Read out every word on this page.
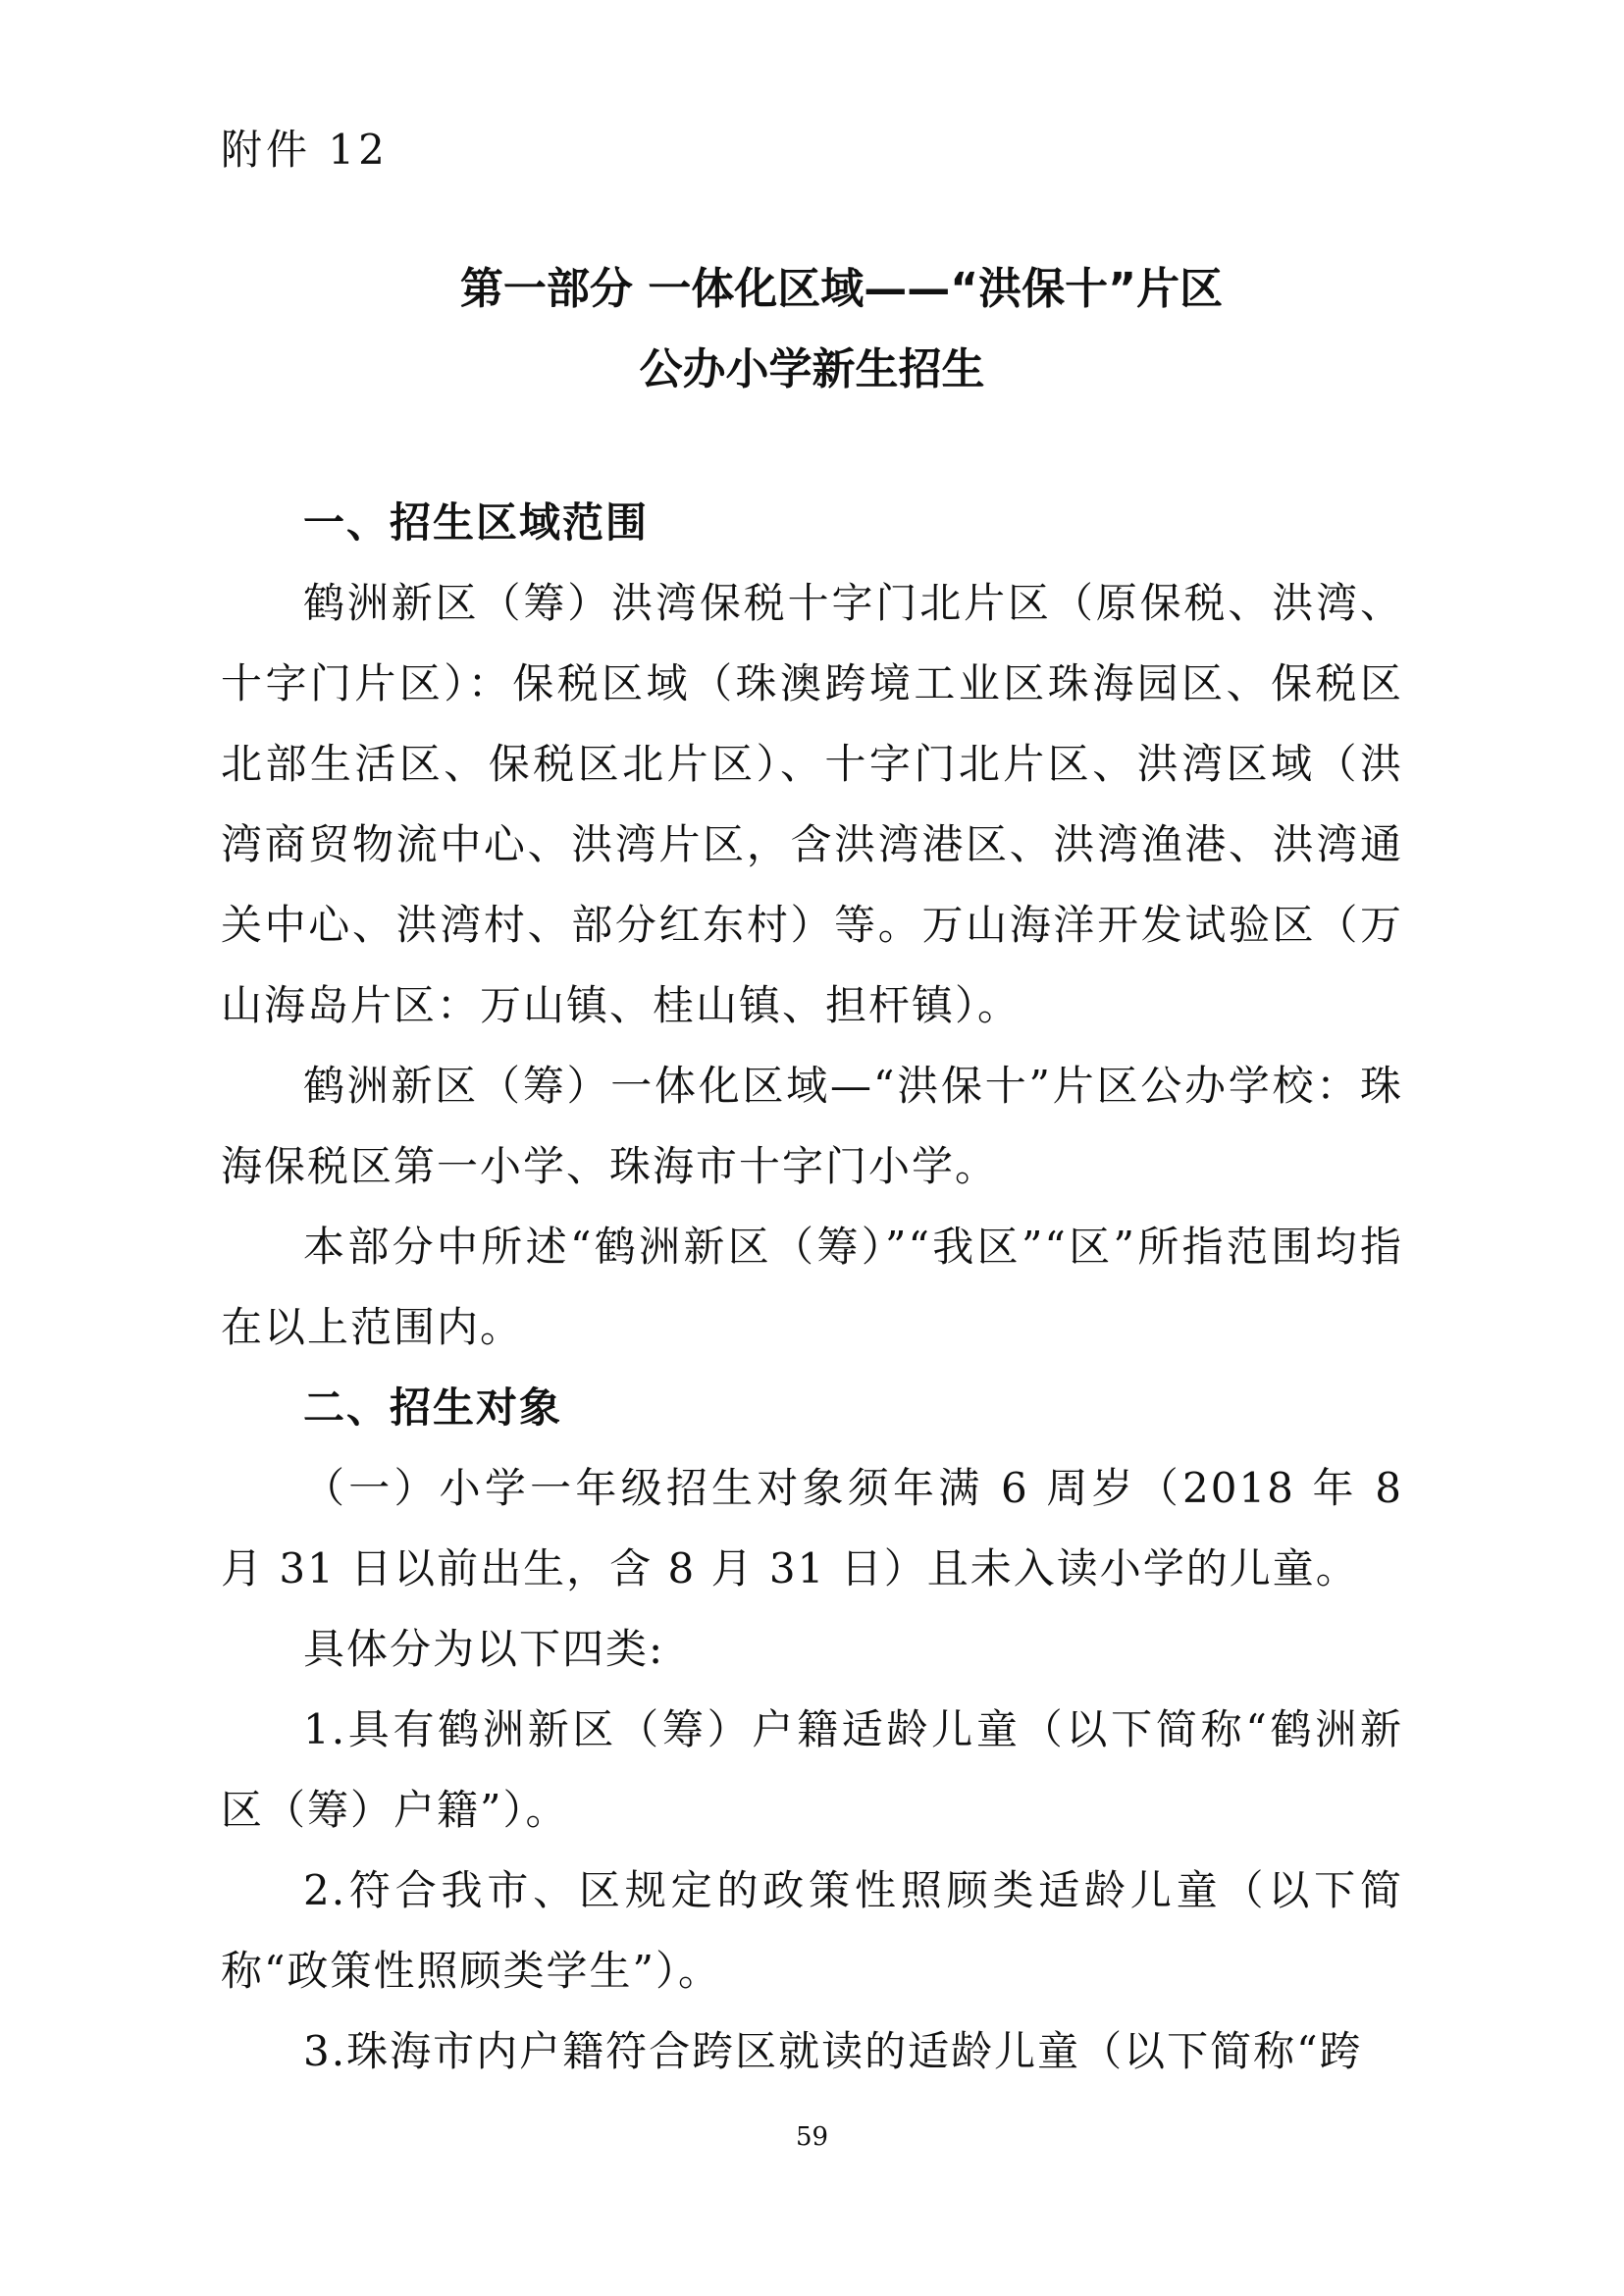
附件 12
第一部分 一体化区域——“洪保十”片区
公办小学新生招生

一、招生区域范围

鹤洲新区（筹）洪湾保税十字门北片区（原保税、洪湾、十字门片区）：保税区域（珠澳跨境工业区珠海园区、保税区北部生活区、保税区北片区）、十字门北片区、洪湾区域（洪湾商贸物流中心、洪湾片区，含洪湾港区、洪湾渔港、洪湾通关中心、洪湾村、部分红东村）等。万山海洋开发试验区（万山海岛片区：万山镇、桂山镇、担杆镇）。

鹤洲新区（筹）一体化区域—“洪保十”片区公办学校：珠海保税区第一小学、珠海市十字门小学。

本部分中所述“鹤洲新区（筹）”“我区”“区”所指范围均指在以上范围内。

二、招生对象

（一）小学一年级招生对象须年满 6 周岁（2018 年 8 月 31 日以前出生，含 8 月 31 日）且未入读小学的儿童。

具体分为以下四类:

1.具有鹤洲新区（筹）户籍适龄儿童（以下简称“鹤洲新区（筹）户籍”）。

2.符合我市、区规定的政策性照顾类适龄儿童（以下简称“政策性照顾类学生”）。

3.珠海市内户籍符合跨区就读的适龄儿童（以下简称“跨

59
